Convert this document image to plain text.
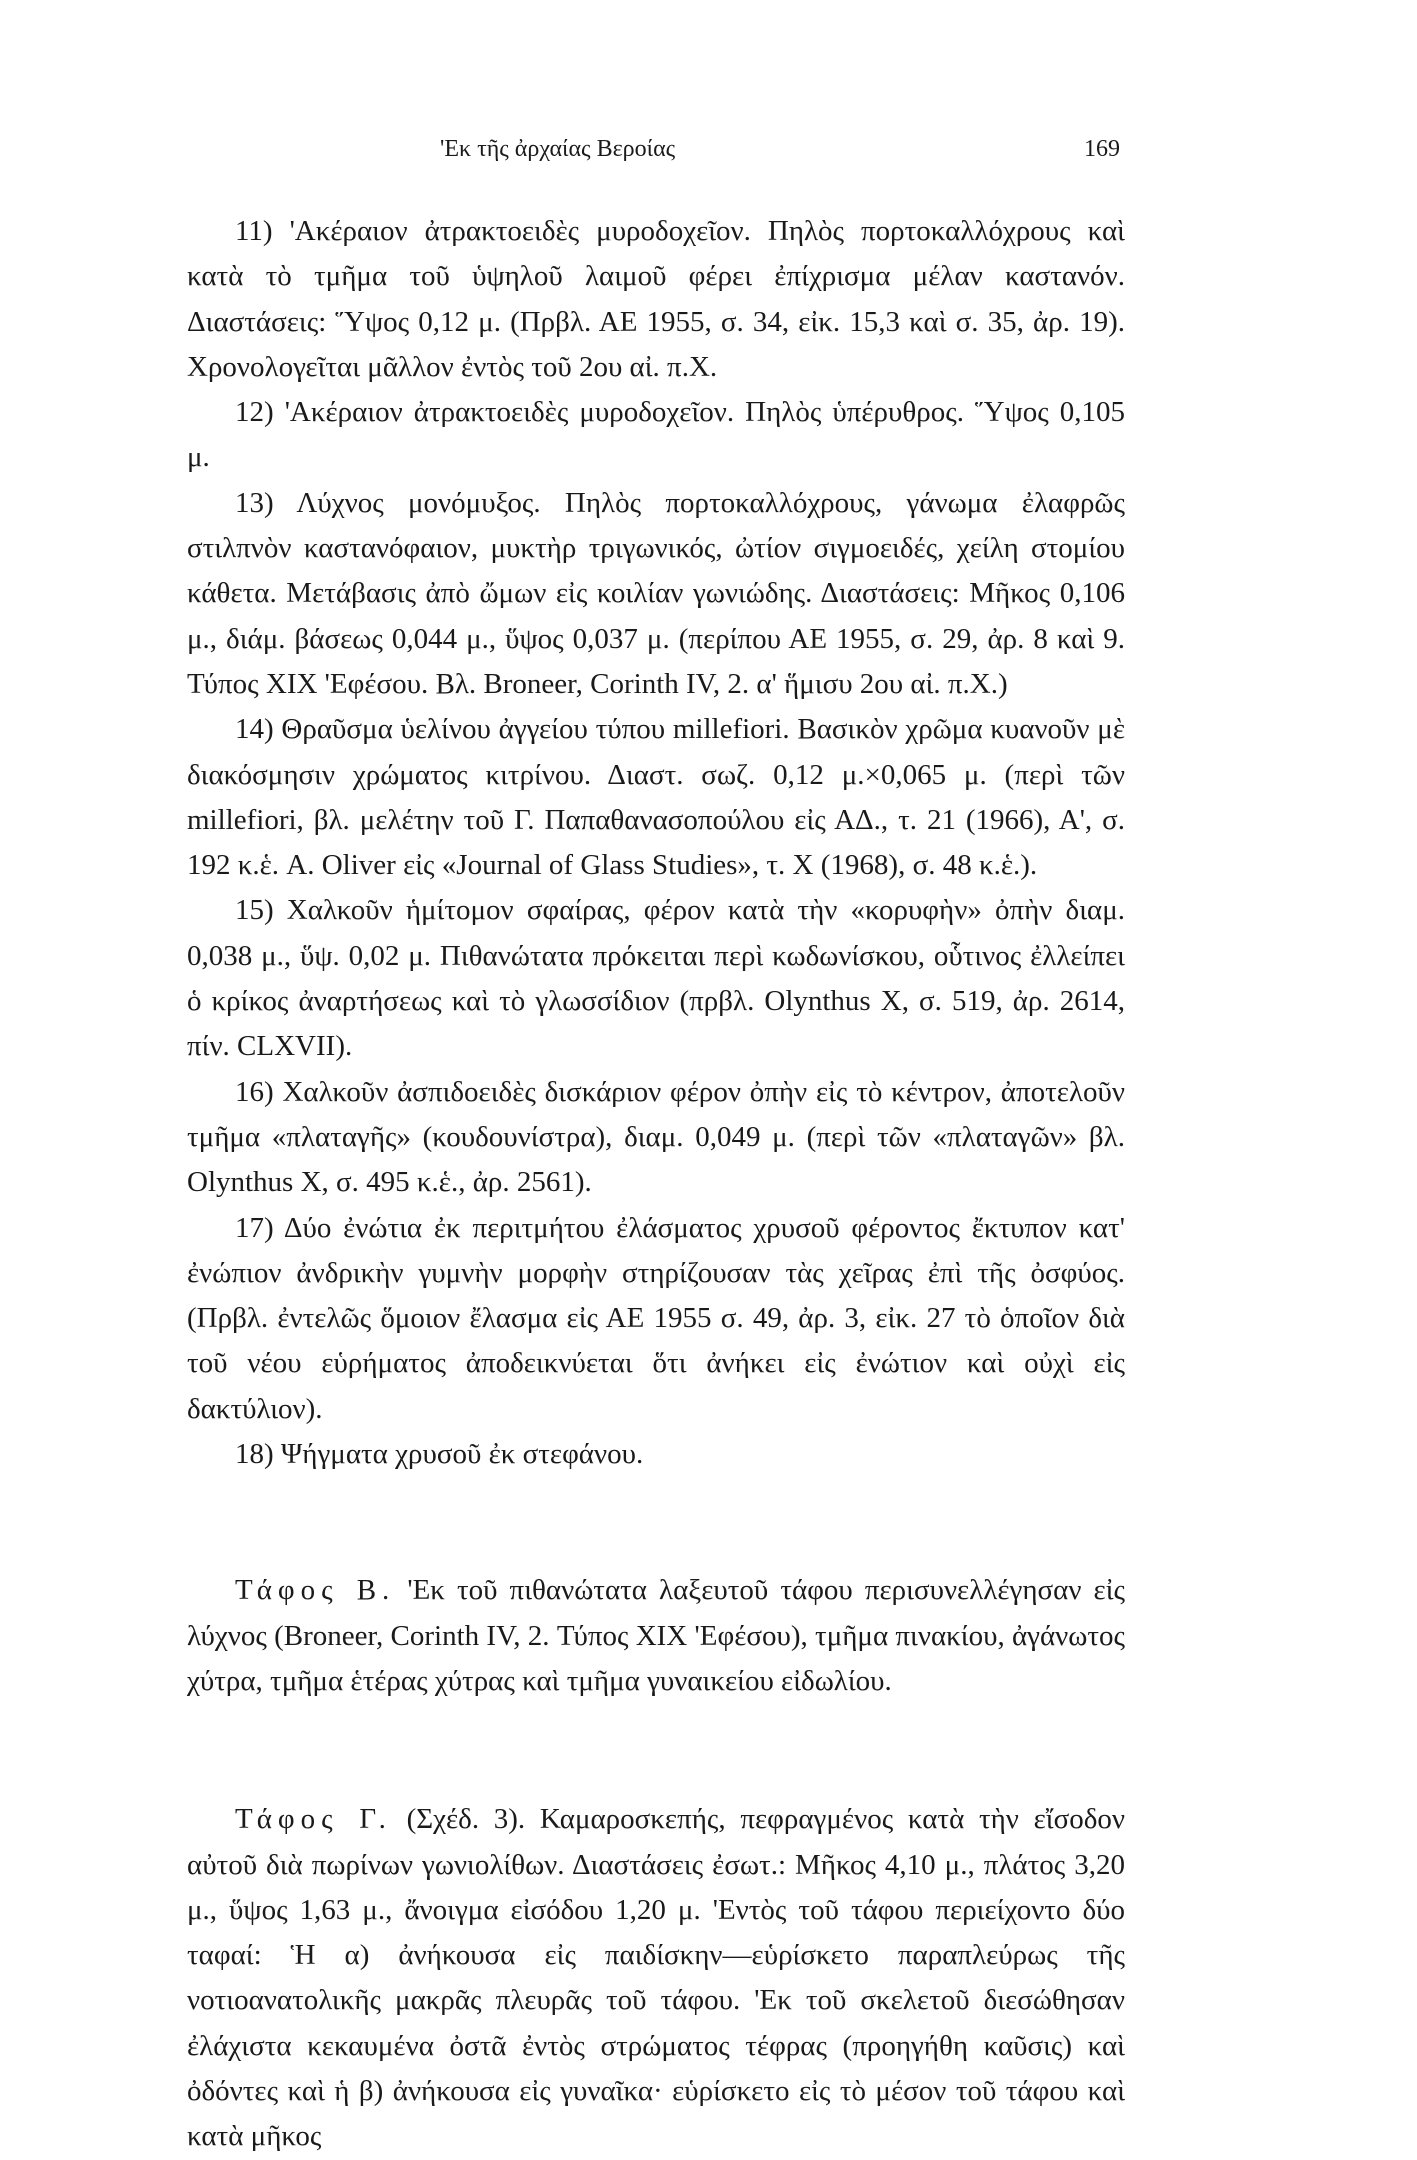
'Εκ τῆς ἀρχαίας Βεροίας	169

11) 'Ακέραιον ἀτρακτοειδὲς μυροδοχεῖον. Πηλὸς πορτοκαλλόχρους καὶ κατὰ τὸ τμῆμα τοῦ ὑψηλοῦ λαιμοῦ φέρει ἐπίχρισμα μέλαν καστανόν. Διαστάσεις: Ὕψος 0,12 μ. (Πρβλ. ΑΕ 1955, σ. 34, εἰκ. 15,3 καὶ σ. 35, ἀρ. 19). Χρονολογεῖται μᾶλλον ἐντὸς τοῦ 2ου αἰ. π.Χ.

12) 'Ακέραιον ἀτρακτοειδὲς μυροδοχεῖον. Πηλὸς ὑπέρυθρος. Ὕψος 0,105 μ.

13) Λύχνος μονόμυξος. Πηλὸς πορτοκαλλόχρους, γάνωμα ἐλαφρῶς στιλπνὸν καστανόφαιον, μυκτὴρ τριγωνικός, ὠτίον σιγμοειδές, χείλη στομίου κάθετα. Μετάβασις ἀπὸ ὤμων εἰς κοιλίαν γωνιώδης. Διαστάσεις: Μῆκος 0,106 μ., διάμ. βάσεως 0,044 μ., ὕψος 0,037 μ. (περίπου ΑΕ 1955, σ. 29, ἀρ. 8 καὶ 9. Τύπος XIX 'Εφέσου. Βλ. Broneer, Corinth IV, 2. α' ἥμισυ 2ου αἰ. π.Χ.)

14) Θραῦσμα ὑελίνου ἀγγείου τύπου millefiori. Βασικὸν χρῶμα κυανοῦν μὲ διακόσμησιν χρώματος κιτρίνου. Διαστ. σωζ. 0,12 μ.×0,065 μ. (περὶ τῶν millefiori, βλ. μελέτην τοῦ Γ. Παπαθανασοπούλου εἰς ΑΔ., τ. 21 (1966), Α', σ. 192 κ.ἑ. A. Oliver εἰς «Journal of Glass Studies», τ. X (1968), σ. 48 κ.ἑ.).

15) Χαλκοῦν ἡμίτομον σφαίρας, φέρον κατὰ τὴν «κορυφὴν» ὀπὴν διαμ. 0,038 μ., ὕψ. 0,02 μ. Πιθανώτατα πρόκειται περὶ κωδωνίσκου, οὗτινος ἐλλείπει ὁ κρίκος ἀναρτήσεως καὶ τὸ γλωσσίδιον (πρβλ. Olynthus X, σ. 519, ἀρ. 2614, πίν. CLXVII).

16) Χαλκοῦν ἀσπιδοειδὲς δισκάριον φέρον ὀπὴν εἰς τὸ κέντρον, ἀποτελοῦν τμῆμα «πλαταγῆς» (κουδουνίστρα), διαμ. 0,049 μ. (περὶ τῶν «πλαταγῶν» βλ. Olynthus X, σ. 495 κ.ἑ., ἀρ. 2561).

17) Δύο ἐνώτια ἐκ περιτμήτου ἐλάσματος χρυσοῦ φέροντος ἔκτυπον κατ' ἐνώπιον ἀνδρικὴν γυμνὴν μορφὴν στηρίζουσαν τὰς χεῖρας ἐπὶ τῆς ὀσφύος. (Πρβλ. ἐντελῶς ὅμοιον ἔλασμα εἰς ΑΕ 1955 σ. 49, ἀρ. 3, εἰκ. 27 τὸ ὁποῖον διὰ τοῦ νέου εὑρήματος ἀποδεικνύεται ὅτι ἀνήκει εἰς ἐνώτιον καὶ οὐχὶ εἰς δακτύλιον).

18) Ψήγματα χρυσοῦ ἐκ στεφάνου.

Τάφος Β. 'Εκ τοῦ πιθανώτατα λαξευτοῦ τάφου περισυνελλέγησαν εἰς λύχνος (Broneer, Corinth IV, 2. Τύπος XIX 'Εφέσου), τμῆμα πινακίου, ἀγάνωτος χύτρα, τμῆμα ἑτέρας χύτρας καὶ τμῆμα γυναικείου εἰδωλίου.

Τάφος Γ. (Σχέδ. 3). Καμαροσκεπής, πεφραγμένος κατὰ τὴν εἴσοδον αὐτοῦ διὰ πωρίνων γωνιολίθων. Διαστάσεις ἐσωτ.: Μῆκος 4,10 μ., πλάτος 3,20 μ., ὕψος 1,63 μ., ἄνοιγμα εἰσόδου 1,20 μ. 'Εντὸς τοῦ τάφου περιείχοντο δύο ταφαί: Ἡ α) ἀνήκουσα εἰς παιδίσκην—εὑρίσκετο παραπλεύρως τῆς νοτιοανατολικῆς μακρᾶς πλευρᾶς τοῦ τάφου. 'Εκ τοῦ σκελετοῦ διεσώθησαν ἐλάχιστα κεκαυμένα ὀστᾶ ἐντὸς στρώματος τέφρας (προηγήθη καῦσις) καὶ ὀδόντες καὶ ἡ β) ἀνήκουσα εἰς γυναῖκα· εὑρίσκετο εἰς τὸ μέσον τοῦ τάφου καὶ κατὰ μῆκος
